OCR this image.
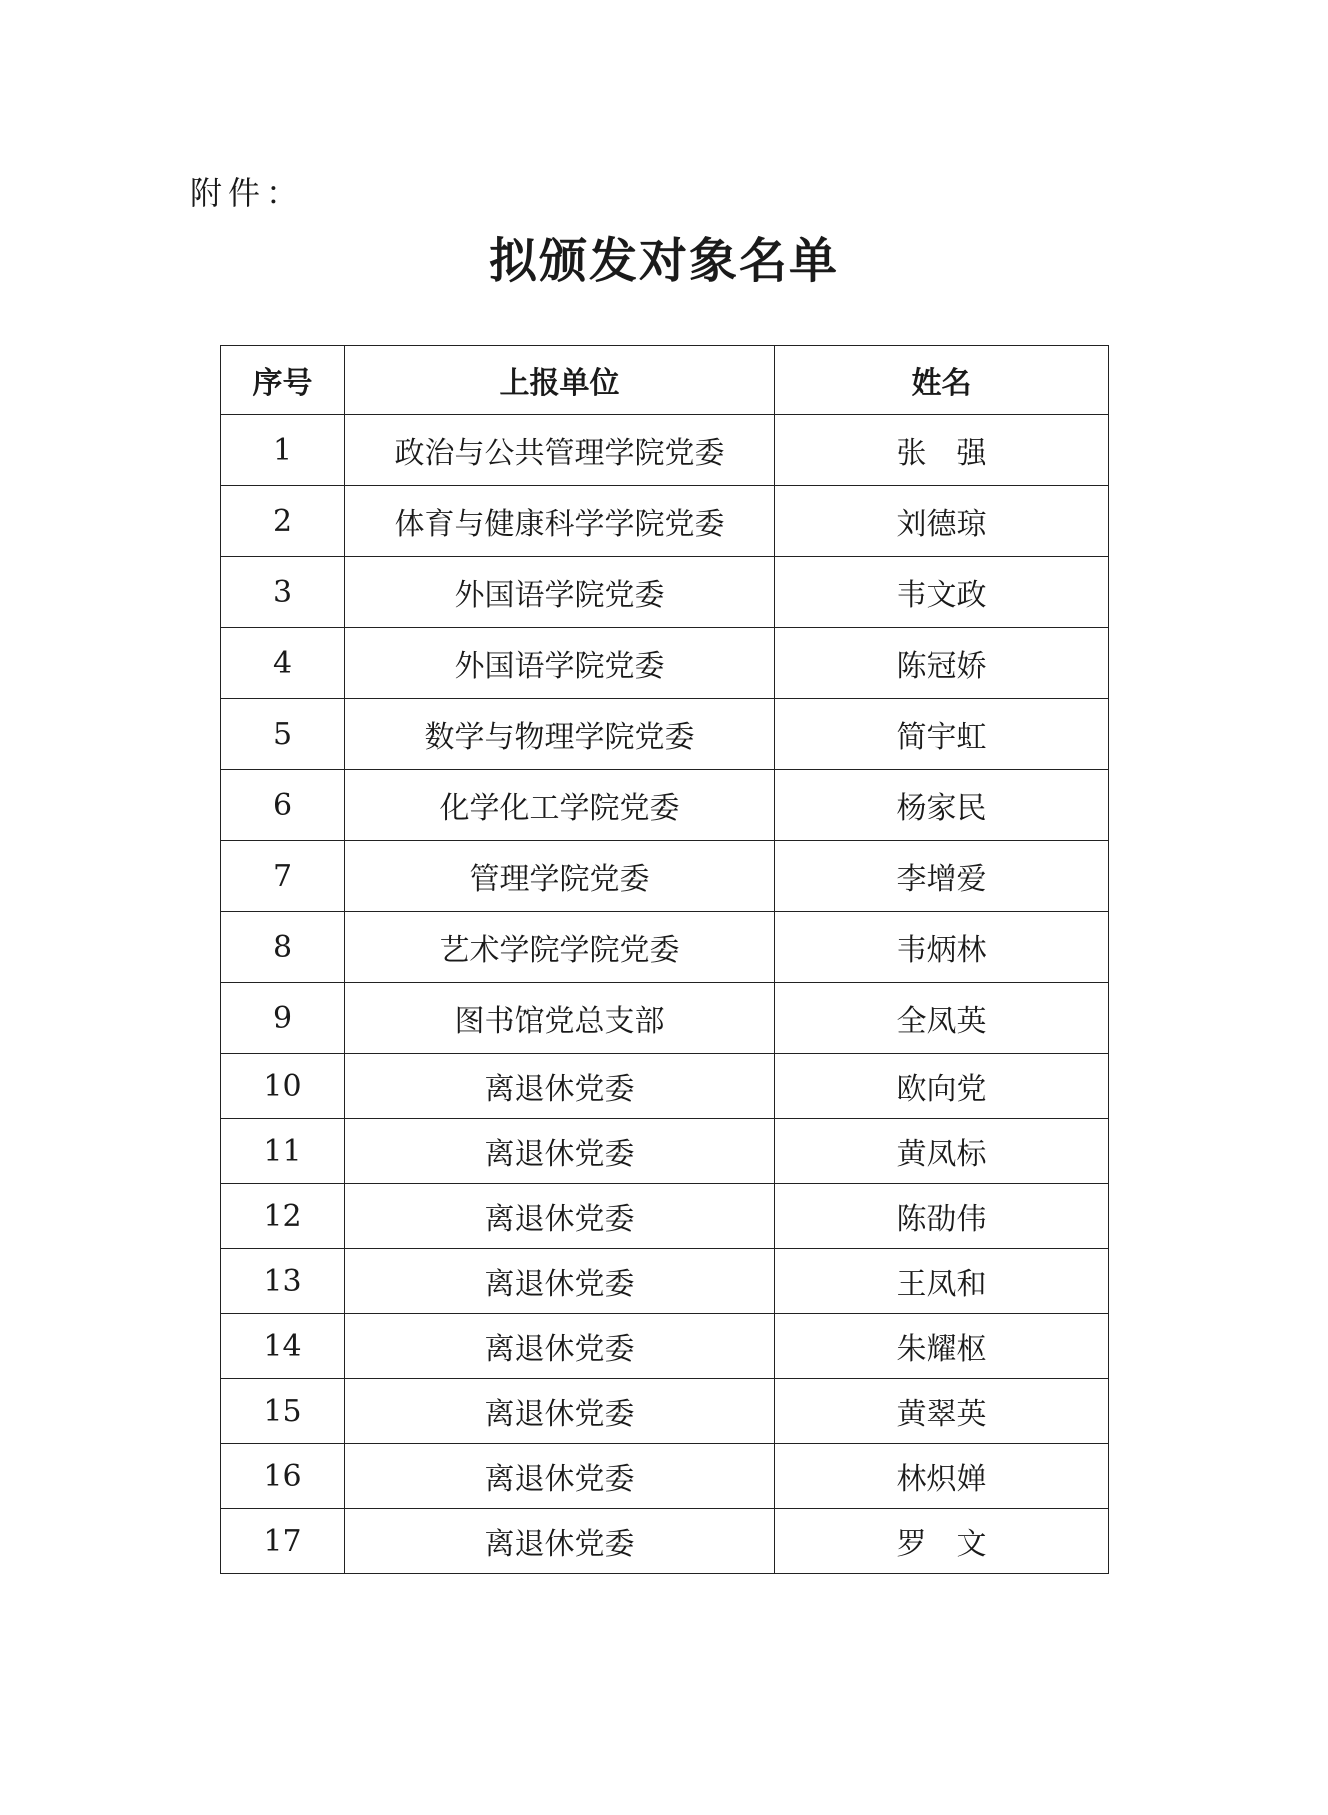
附件：
拟颁发对象名单
序号	上报单位	姓名
1	政治与公共管理学院党委	张　强
2	体育与健康科学学院党委	刘德琼
3	外国语学院党委	韦文政
4	外国语学院党委	陈冠娇
5	数学与物理学院党委	简宇虹
6	化学化工学院党委	杨家民
7	管理学院党委	李增爱
8	艺术学院学院党委	韦炳林
9	图书馆党总支部	全凤英
10	离退休党委	欧向党
11	离退休党委	黄凤标
12	离退休党委	陈劭伟
13	离退休党委	王凤和
14	离退休党委	朱耀枢
15	离退休党委	黄翠英
16	离退休党委	林炽婵
17	离退休党委	罗　文
